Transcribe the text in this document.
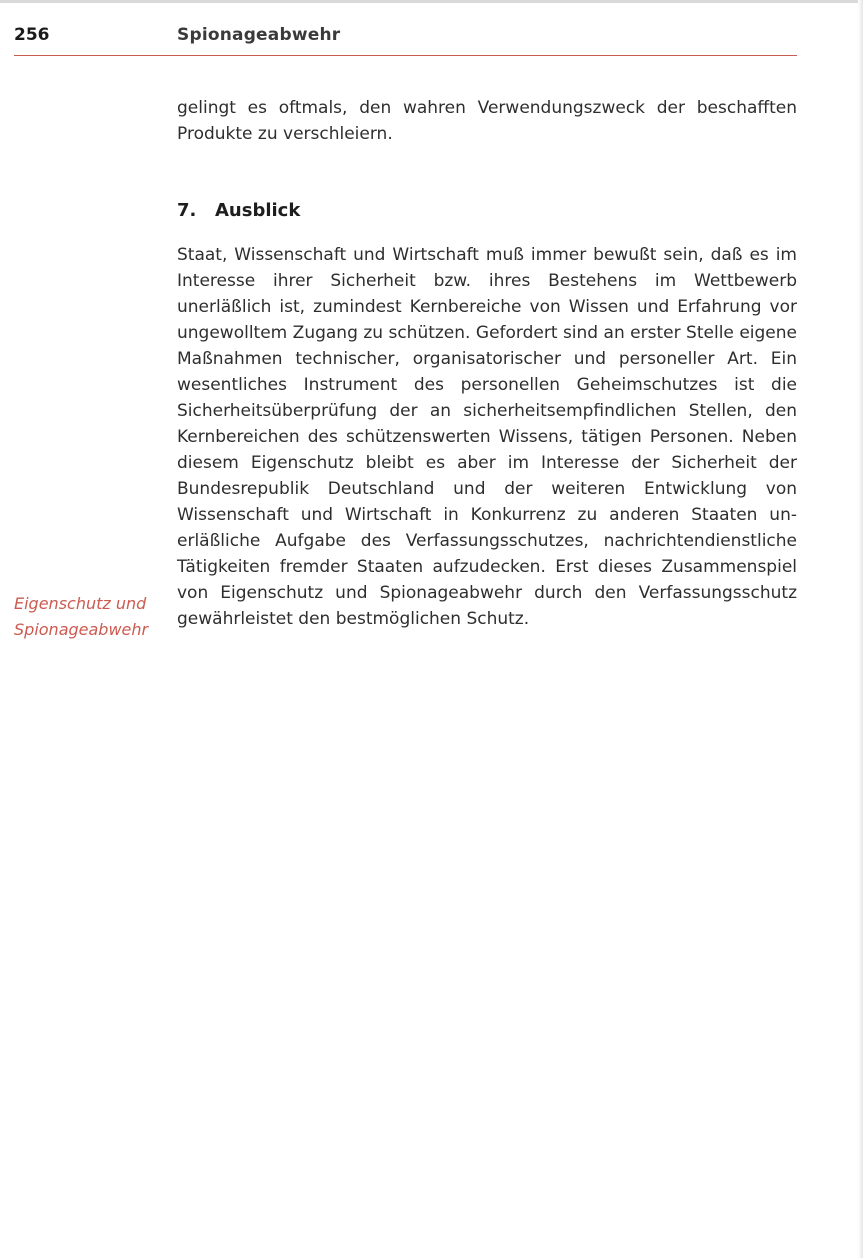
256	Spionageabwehr

gelingt es oftmals, den wahren Verwendungszweck der beschafften Produkte zu verschleiern.

7. Ausblick

Staat, Wissenschaft und Wirtschaft muß immer bewußt sein, daß es im Interesse ihrer Sicherheit bzw. ihres Bestehens im Wettbewerb unerläßlich ist, zumindest Kernbereiche von Wissen und Erfahrung vor ungewolltem Zugang zu schützen. Gefordert sind an erster Stelle eigene Maßnahmen technischer, organisatorischer und personeller Art. Ein wesentliches Instrument des personellen Geheimschutzes ist die Sicherheitsüberprüfung der an sicherheitsempfindlichen Stellen, den Kernbereichen des schützenswerten Wissens, tätigen Personen. Neben diesem Eigenschutz bleibt es aber im Interesse der Sicherheit der Bundesrepublik Deutschland und der weiteren Entwicklung von Wissenschaft und Wirtschaft in Konkurrenz zu anderen Staaten unerläßliche Aufgabe des Verfassungsschutzes, nachrichtendienstliche Tätigkeiten fremder Staaten aufzudecken. Erst dieses Zusammenspiel von Eigenschutz und Spionageabwehr durch den Verfassungsschutz gewährleistet den bestmöglichen Schutz.

Eigenschutz und
Spionageabwehr
